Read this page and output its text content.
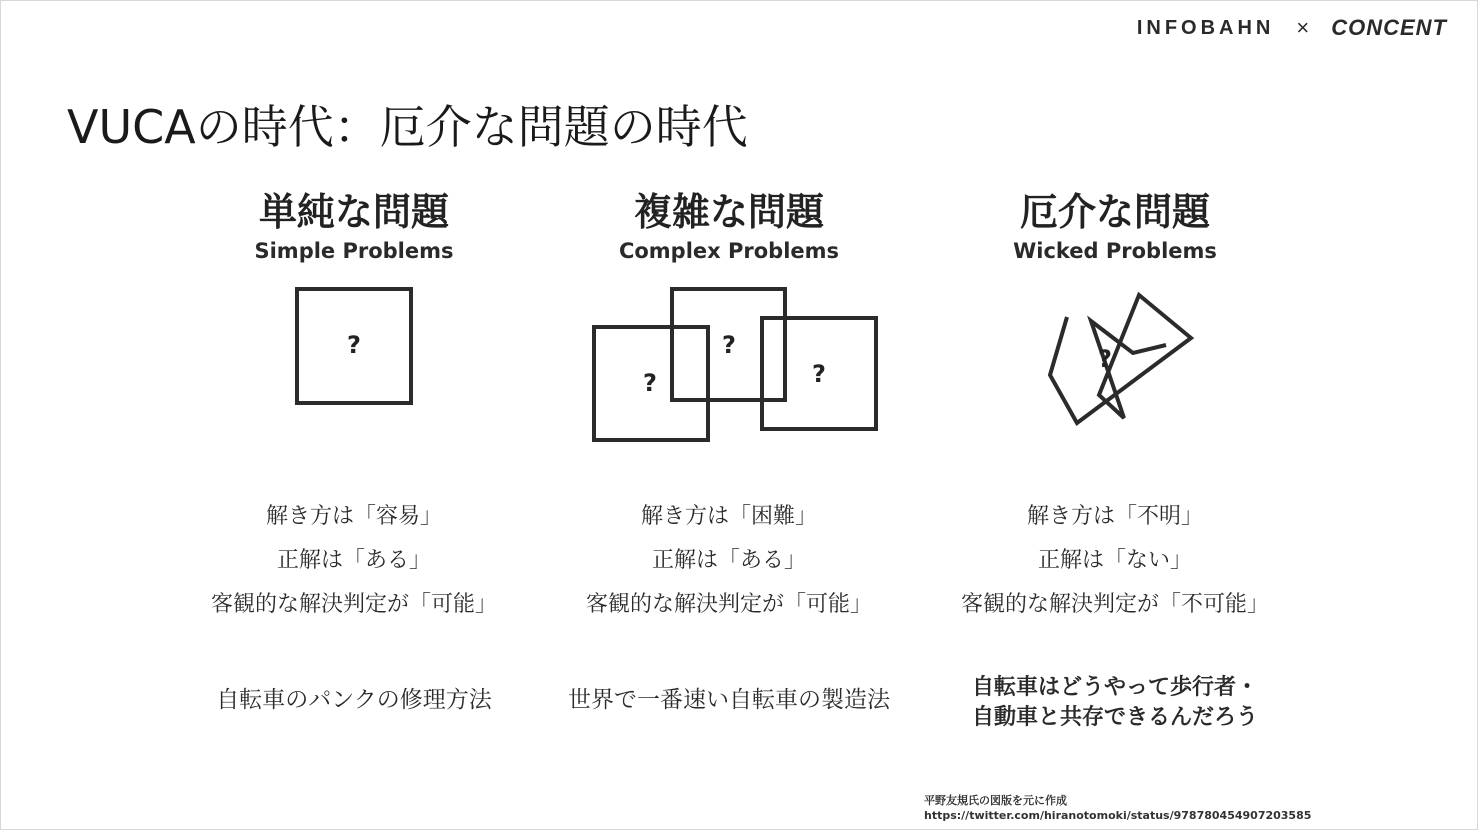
INFOBAHN × CONCENT
VUCAの時代：厄介な問題の時代
単純な問題
Simple Problems
?
解き方は「容易」
正解は「ある」
客観的な解決判定が「可能」
自転車のパンクの修理方法
複雑な問題
Complex Problems
?
?	?
解き方は「困難」
正解は「ある」
客観的な解決判定が「可能」
世界で一番速い自転車の製造法
厄介な問題
Wicked Problems
?
解き方は「不明」
正解は「ない」
客観的な解決判定が「不可能」
自転車はどうやって歩行者・
自動車と共存できるんだろう
平野友規氏の図版を元に作成
https://twitter.com/hiranotomoki/status/978780454907203585
